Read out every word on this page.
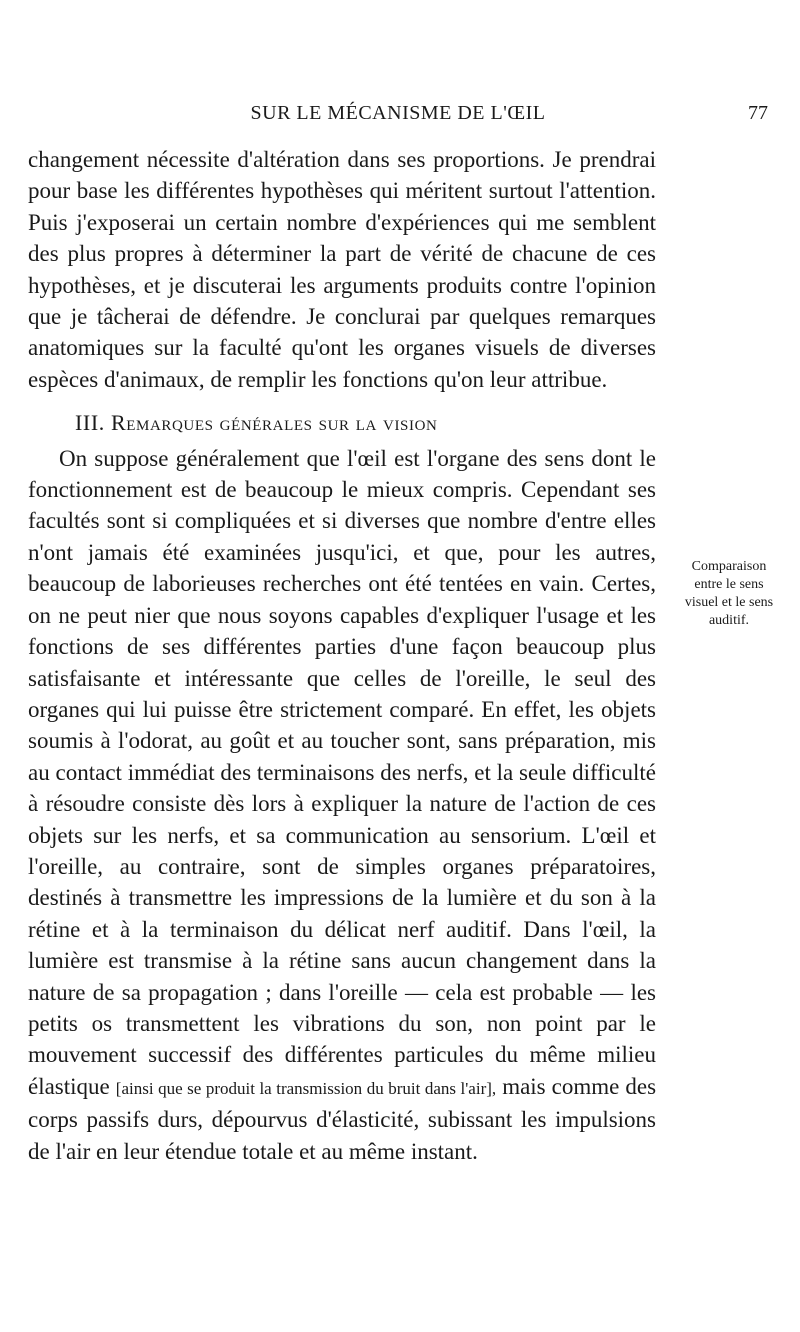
SUR LE MÉCANISME DE L'ŒIL	77

changement nécessite d'altération dans ses proportions. Je prendrai pour base les différentes hypothèses qui méritent surtout l'attention. Puis j'exposerai un certain nombre d'expériences qui me semblent des plus propres à déterminer la part de vérité de chacune de ces hypothèses, et je discuterai les arguments produits contre l'opinion que je tâcherai de défendre. Je conclurai par quelques remarques anatomiques sur la faculté qu'ont les organes visuels de diverses espèces d'animaux, de remplir les fonctions qu'on leur attribue.

III. Remarques générales sur la vision

On suppose généralement que l'œil est l'organe des sens dont le fonctionnement est de beaucoup le mieux compris. Cependant ses facultés sont si compliquées et si diverses que nombre d'entre elles n'ont jamais été examinées jusqu'ici, et que, pour les autres, beaucoup de laborieuses recherches ont été tentées en vain. Certes, on ne peut nier que nous soyons capables d'expliquer l'usage et les fonctions de ses différentes parties d'une façon beaucoup plus satisfaisante et intéressante que celles de l'oreille, le seul des organes qui lui puisse être strictement comparé. En effet, les objets soumis à l'odorat, au goût et au toucher sont, sans préparation, mis au contact immédiat des terminaisons des nerfs, et la seule difficulté à résoudre consiste dès lors à expliquer la nature de l'action de ces objets sur les nerfs, et sa communication au sensorium. L'œil et l'oreille, au contraire, sont de simples organes préparatoires, destinés à transmettre les impressions de la lumière et du son à la rétine et à la terminaison du délicat nerf auditif. Dans l'œil, la lumière est transmise à la rétine sans aucun changement dans la nature de sa propagation ; dans l'oreille — cela est probable — les petits os transmettent les vibrations du son, non point par le mouvement successif des différentes particules du même milieu élastique [ainsi que se produit la transmission du bruit dans l'air], mais comme des corps passifs durs, dépourvus d'élasticité, subissant les impulsions de l'air en leur étendue totale et au même instant.

Comparaison
entre le sens
visuel et le sens
auditif.
